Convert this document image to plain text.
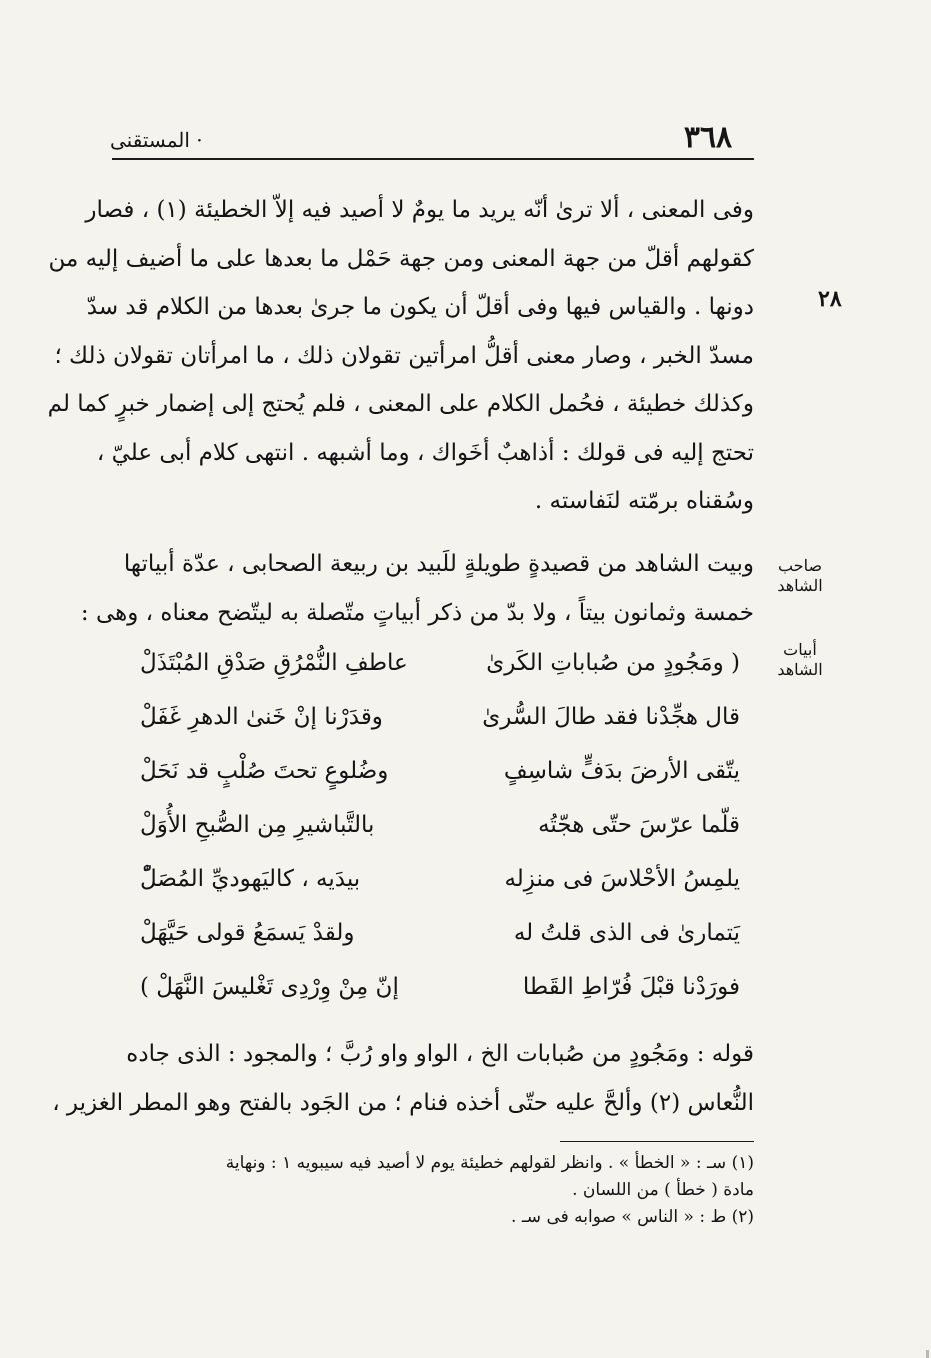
٣٦٨
· المستقنى
٢٨
وفى المعنى ، ألا ترىٰ أنّه يريد ما يومٌ لا أصيد فيه إلاّ الخطيئة (١) ، فصار
كقولهم أقلّ من جهة المعنى ومن جهة حَمْل ما بعدها على ما أضيف إليه من
دونها . والقياس فيها وفى أقلّ أن يكون ما جرىٰ بعدها من الكلام قد سدّ
مسدّ الخبر ، وصار معنى أقلُّ امرأتين تقولان ذلك ، ما امرأتان تقولان ذلك ؛
وكذلك خطيئة ، فحُمل الكلام على المعنى ، فلم يُحتج إلى إضمار خبرٍ كما لم
تحتج إليه فى قولك : أذاهبٌ أخَواك ، وما أشبهه . انتهى كلام أبى عليّ ،
وسُقناه برمّته لنَفاسته .
صاحب
الشاهد
وبيت الشاهد من قصيدةٍ طويلةٍ للَبيد بن ربيعة الصحابى ، عدّة أبياتها
خمسة وثمانون بيتاً ، ولا بدّ من ذكر أبياتٍ متّصلة به ليتّضح معناه ، وهى :
أبيات
الشاهد
( ومَجُودٍ من صُباباتِ الكَرىٰ
عاطفِ النُّمْرُقِ صَدْقِ المُبْتَذَلْ
قال هجِّدْنا فقد طالَ السُّرىٰ
وقدَرْنا إنْ خَنىٰ الدهرِ غَفَلْ
يتّقى الأرضَ بدَفٍّ شاسِفٍ
وضُلوعٍ تحتَ صُلْبٍ قد نَحَلْ
قلّما عرّسَ حتّى هجّتُه
بالتَّباشيرِ مِن الصُّبحِ الأُوَلْ
يلمِسُ الأحْلاسَ فى منزِله
بيدَيه ، كاليَهوديِّ المُصَلّْ
يَتمارىٰ فى الذى قلتُ له
ولقدْ يَسمَعُ قولى حَيَّهَلْ
فورَدْنا قبْلَ فُرّاطِ القَطا
إنّ مِنْ وِرْدِى تَغْليسَ النَّهَلْ )
قوله : ومَجُودٍ من صُبابات الخ ، الواو واو رُبَّ ؛ والمجود : الذى جاده
النُّعاس (٢) وألحَّ عليه حتّى أخذه فنام ؛ من الجَود بالفتح وهو المطر الغزير ،
(١) سـ : « الخطأ » . وانظر لقولهم خطيئة يوم لا أصيد فيه سيبويه ١ : ونهاية
مادة ( خطأ ) من اللسان .
(٢) ط : « الناس » صوابه فى سـ .
